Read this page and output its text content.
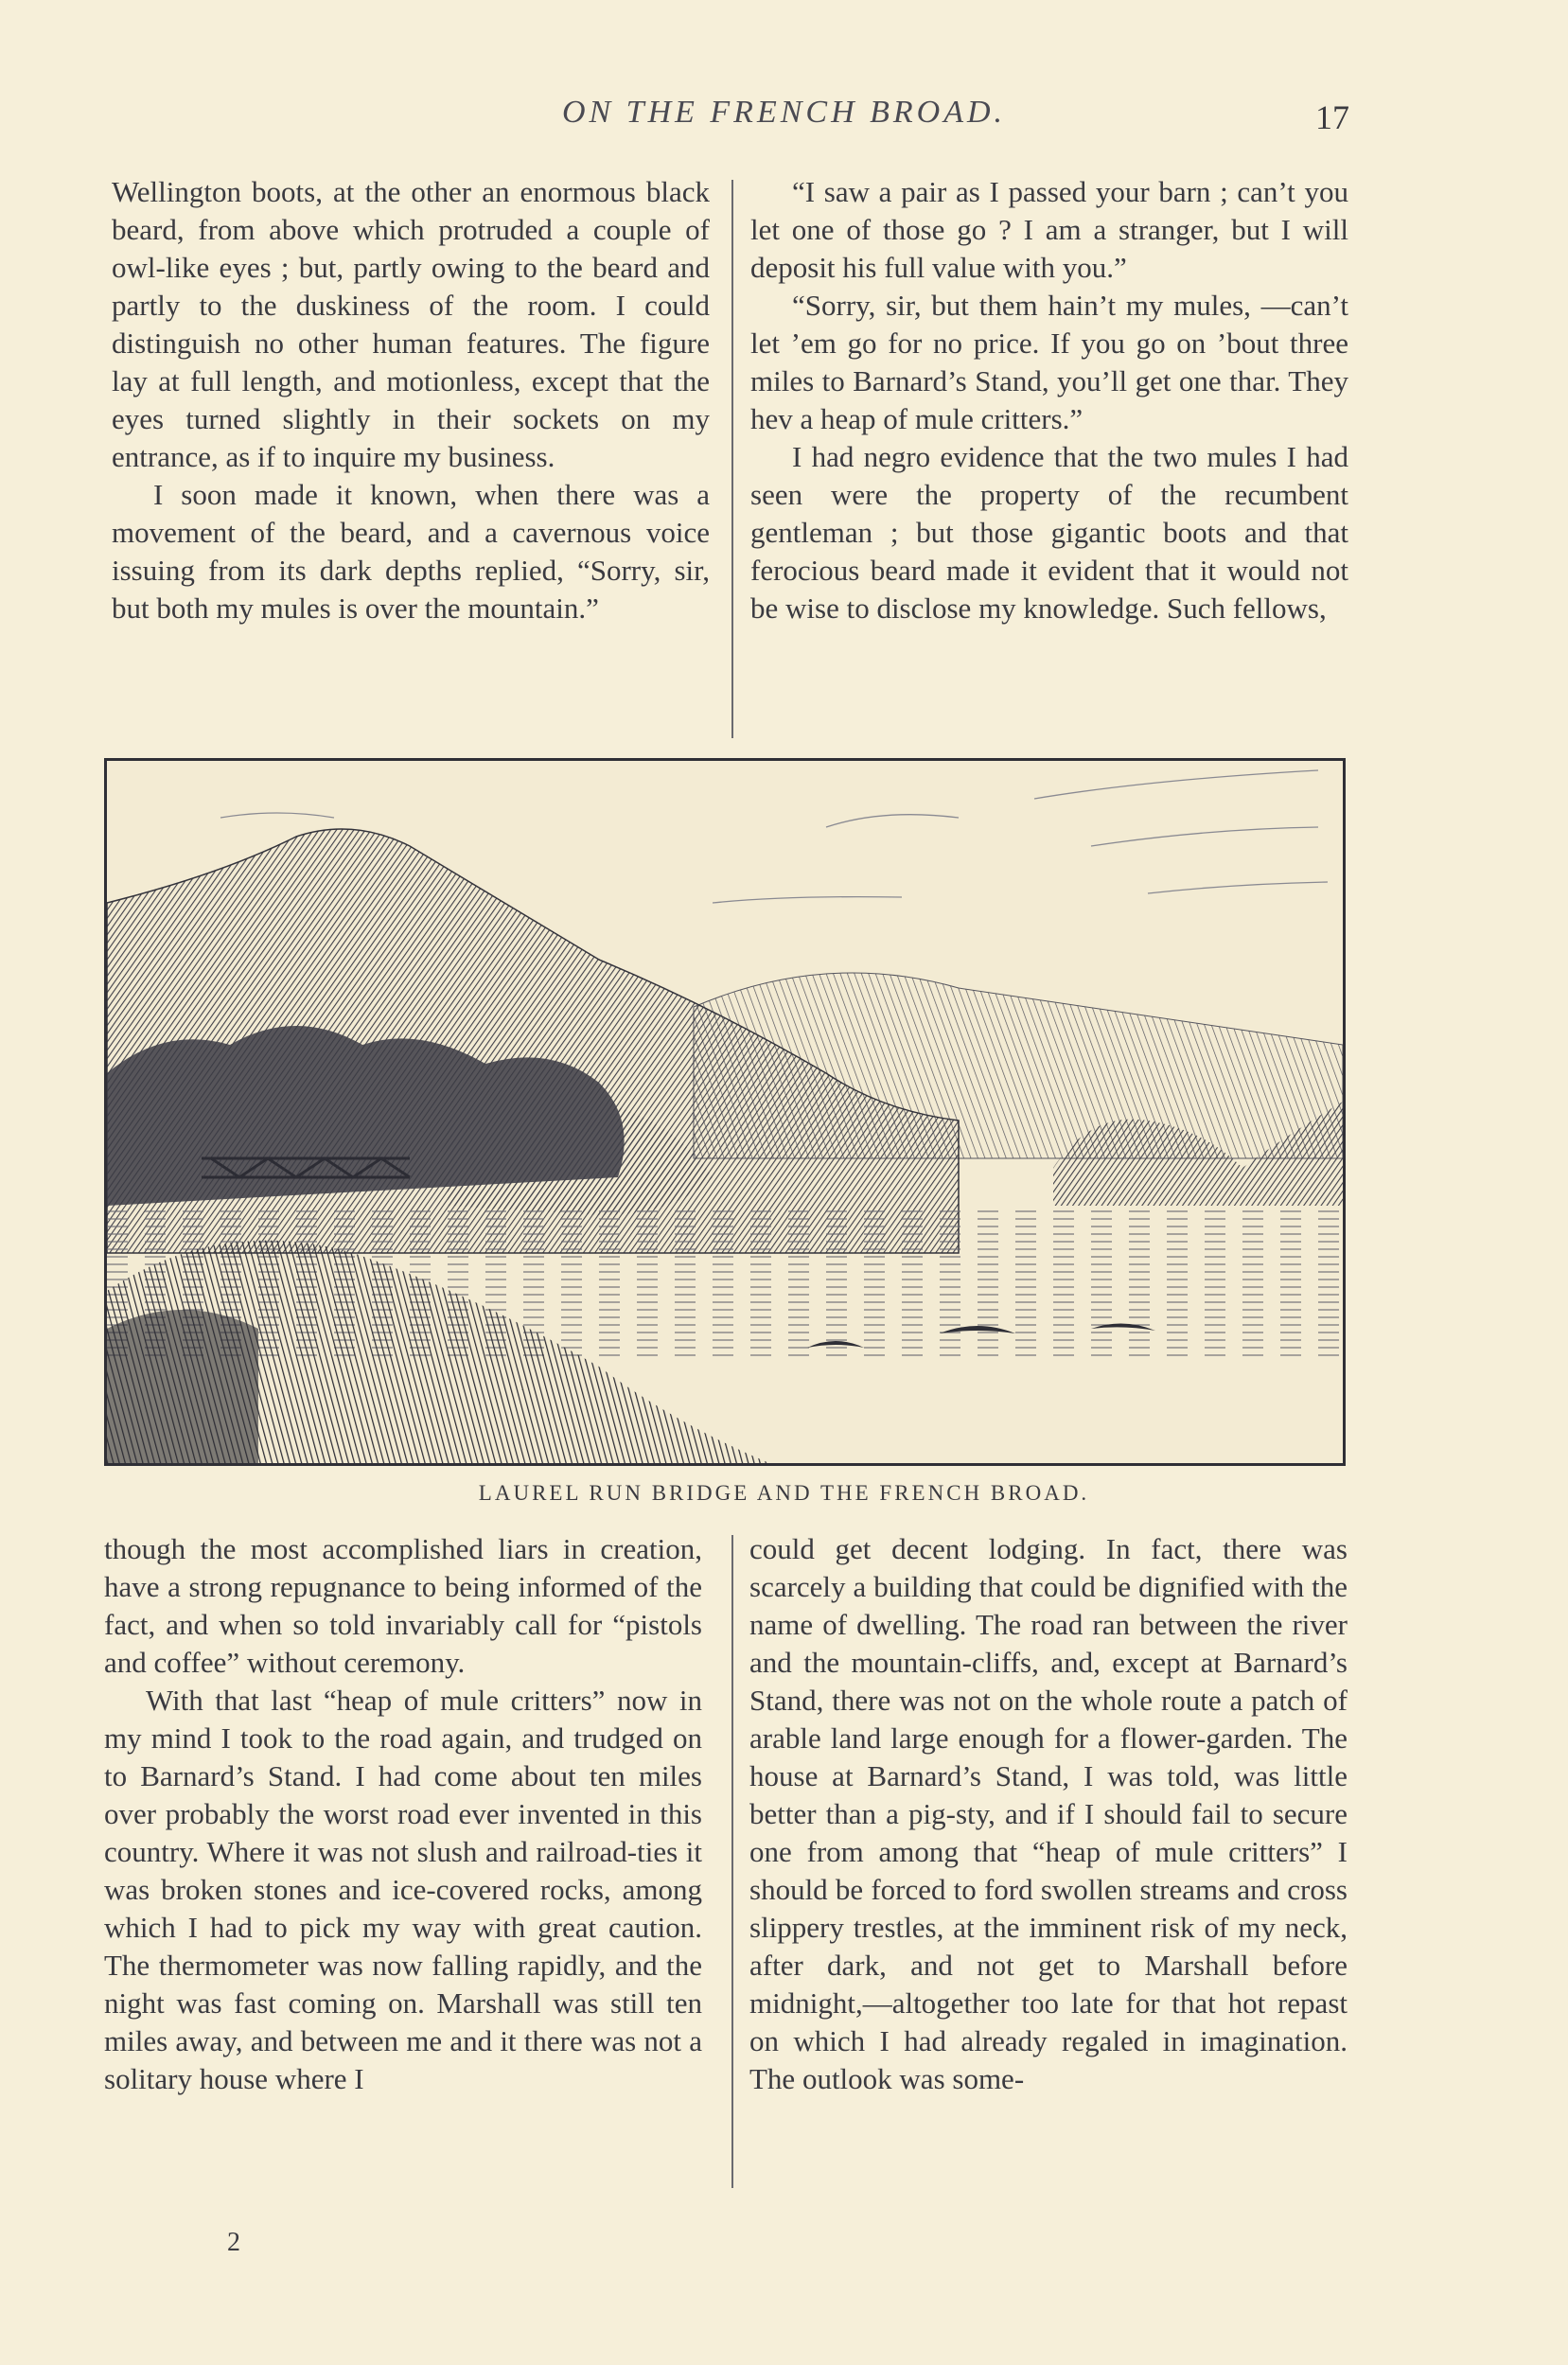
ON THE FRENCH BROAD.	17

Wellington boots, at the other an enormous black beard, from above which protruded a couple of owl-like eyes ; but, partly owing to the beard and partly to the duskiness of the room. I could distinguish no other human features. The figure lay at full length, and motionless, except that the eyes turned slightly in their sockets on my entrance, as if to inquire my business.

I soon made it known, when there was a movement of the beard, and a cavernous voice issuing from its dark depths replied, “Sorry, sir, but both my mules is over the mountain.”

“I saw a pair as I passed your barn ; can’t you let one of those go ? I am a stranger, but I will deposit his full value with you.”

“Sorry, sir, but them hain’t my mules, —can’t let ’em go for no price. If you go on ’bout three miles to Barnard’s Stand, you’ll get one thar. They hev a heap of mule critters.”

I had negro evidence that the two mules I had seen were the property of the recumbent gentleman ; but those gigantic boots and that ferocious beard made it evident that it would not be wise to disclose my knowledge. Such fellows,

LAUREL RUN BRIDGE AND THE FRENCH BROAD.

though the most accomplished liars in creation, have a strong repugnance to being informed of the fact, and when so told invariably call for “pistols and coffee” without ceremony.

With that last “heap of mule critters” now in my mind I took to the road again, and trudged on to Barnard’s Stand. I had come about ten miles over probably the worst road ever invented in this country. Where it was not slush and railroad-ties it was broken stones and ice-covered rocks, among which I had to pick my way with great caution. The thermometer was now falling rapidly, and the night was fast coming on. Marshall was still ten miles away, and between me and it there was not a solitary house where I

could get decent lodging. In fact, there was scarcely a building that could be dignified with the name of dwelling. The road ran between the river and the mountain-cliffs, and, except at Barnard’s Stand, there was not on the whole route a patch of arable land large enough for a flower-garden. The house at Barnard’s Stand, I was told, was little better than a pig-sty, and if I should fail to secure one from among that “heap of mule critters” I should be forced to ford swollen streams and cross slippery trestles, at the imminent risk of my neck, after dark, and not get to Marshall before midnight,—altogether too late for that hot repast on which I had already regaled in imagination. The outlook was some-

2
